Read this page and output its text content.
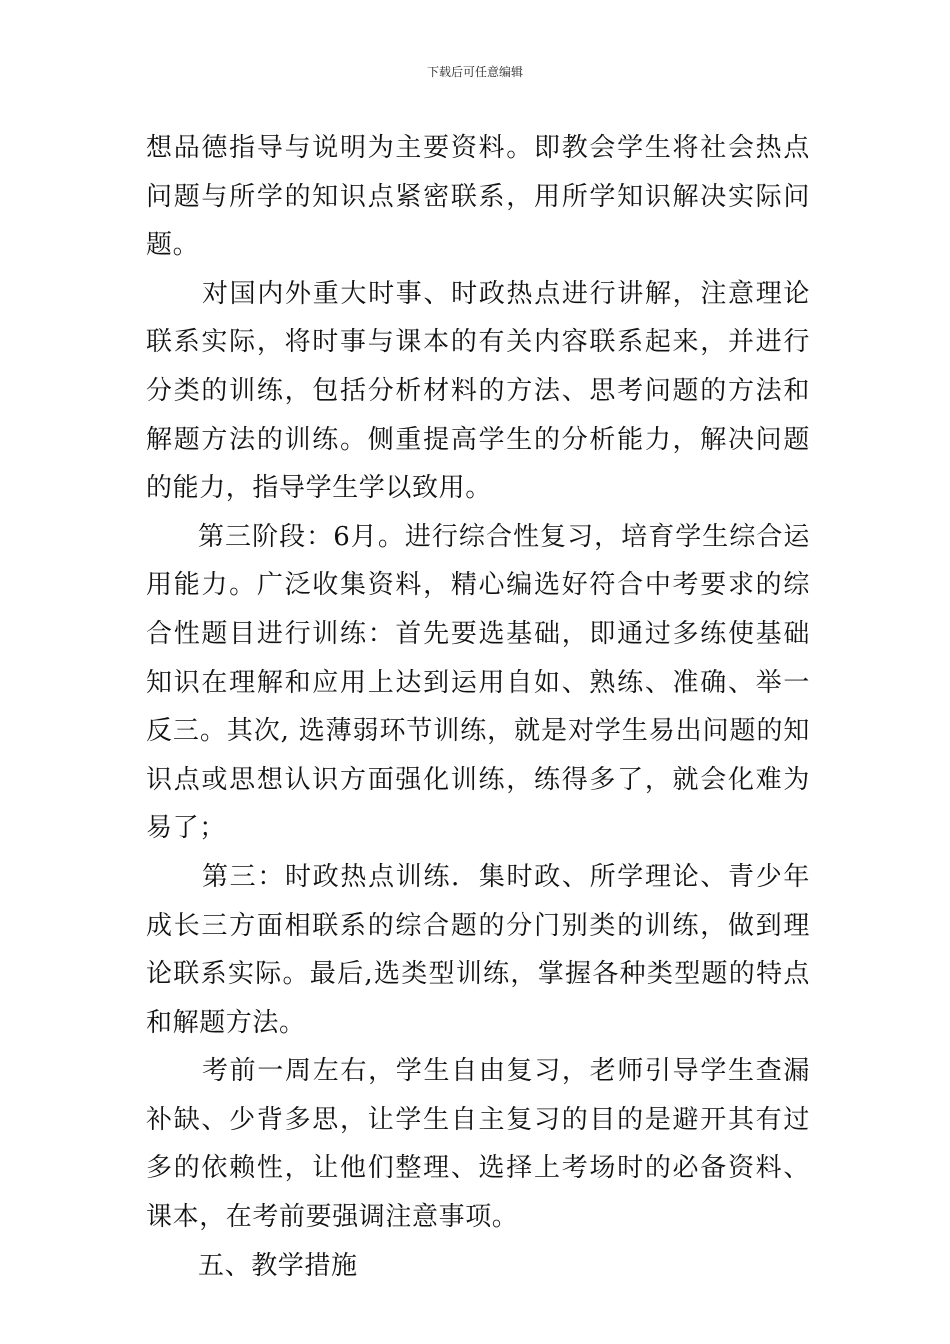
下载后可任意编辑

想品德指导与说明为主要资料。即教会学生将社会热点问题与所学的知识点紧密联系，用所学知识解决实际问题。

对国内外重大时事、时政热点进行讲解，注意理论联系实际，将时事与课本的有关内容联系起来，并进行分类的训练，包括分析材料的方法、思考问题的方法和解题方法的训练。侧重提高学生的分析能力，解决问题的能力，指导学生学以致用。

第三阶段：6月。进行综合性复习，培育学生综合运用能力。广泛收集资料，精心编选好符合中考要求的综合性题目进行训练：首先要选基础，即通过多练使基础知识在理解和应用上达到运用自如、熟练、准确、举一反三。其次, 选薄弱环节训练，就是对学生易出问题的知识点或思想认识方面强化训练，练得多了，就会化难为易了；

第三：时政热点训练．集时政、所学理论、青少年成长三方面相联系的综合题的分门别类的训练，做到理论联系实际。最后,选类型训练，掌握各种类型题的特点和解题方法。

考前一周左右，学生自由复习，老师引导学生查漏补缺、少背多思，让学生自主复习的目的是避开其有过多的依赖性，让他们整理、选择上考场时的必备资料、课本，在考前要强调注意事项。

五、教学措施
